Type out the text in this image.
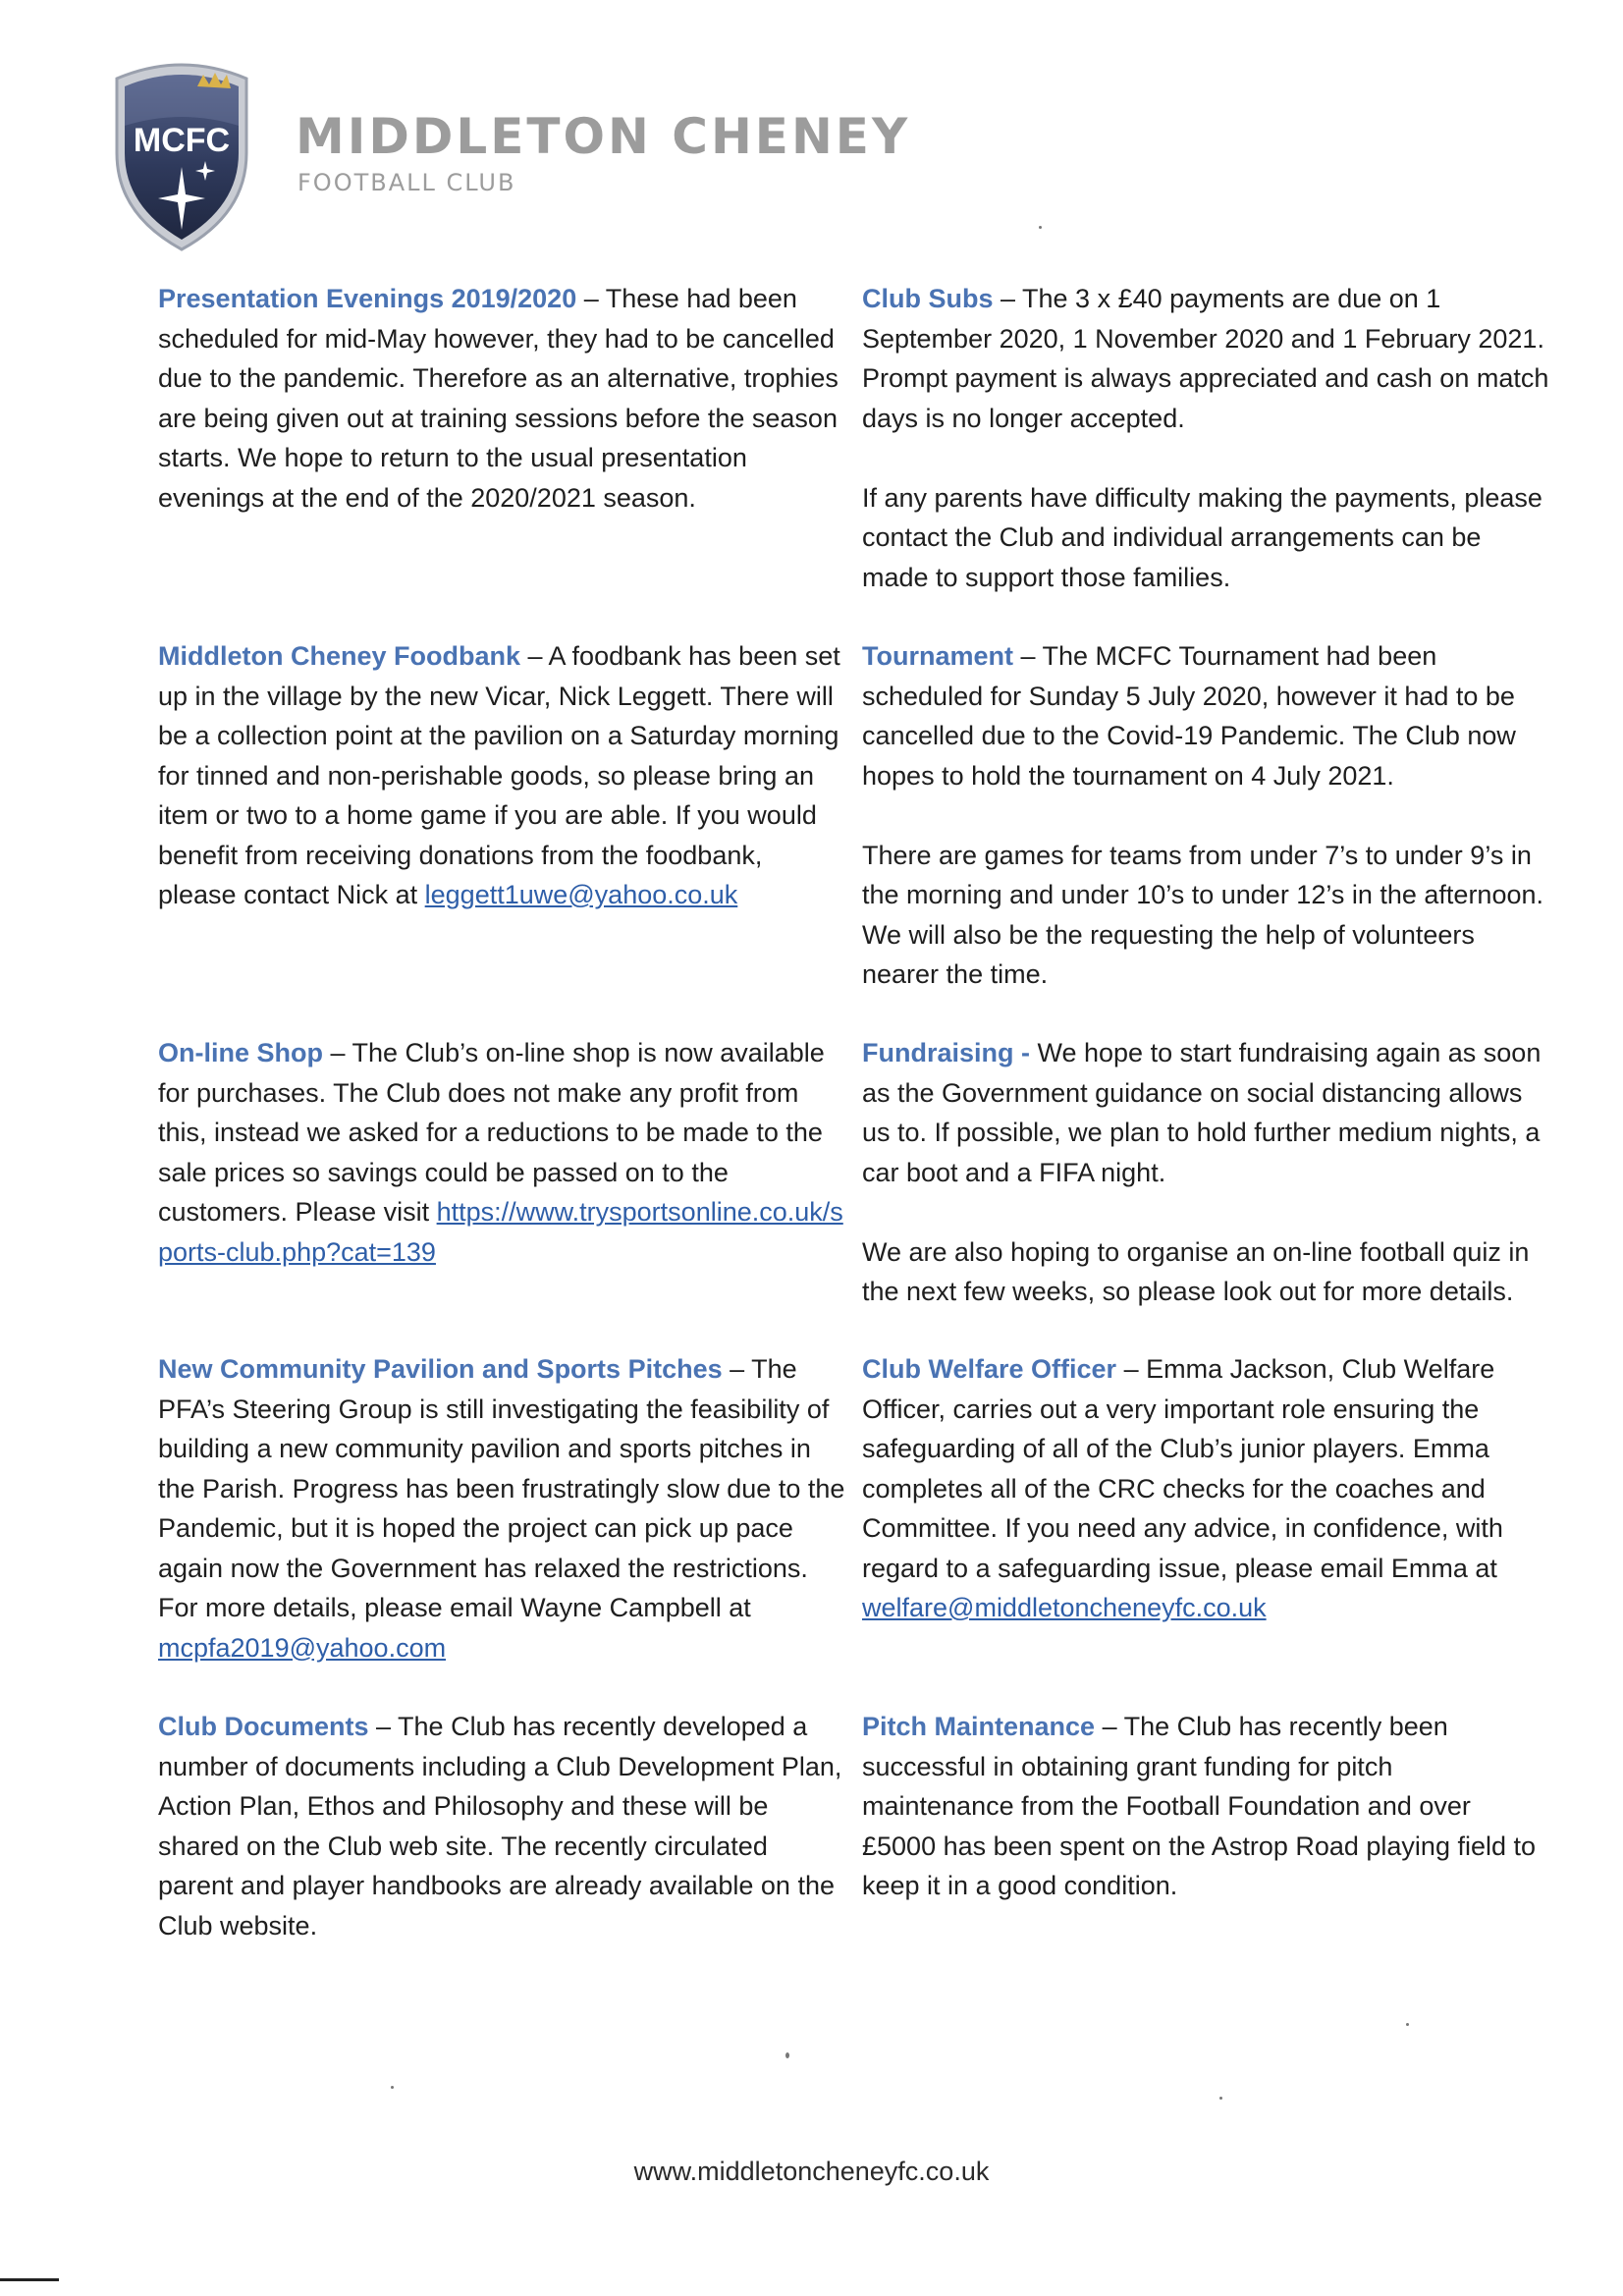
MCFC MIDDLETON CHENEY
FOOTBALL CLUB
Presentation Evenings 2019/2020 – These had been scheduled for mid-May however, they had to be cancelled due to the pandemic. Therefore as an alternative, trophies are being given out at training sessions before the season starts. We hope to return to the usual presentation evenings at the end of the 2020/2021 season.
Middleton Cheney Foodbank – A foodbank has been set up in the village by the new Vicar, Nick Leggett. There will be a collection point at the pavilion on a Saturday morning for tinned and non-perishable goods, so please bring an item or two to a home game if you are able. If you would benefit from receiving donations from the foodbank, please contact Nick at leggett1uwe@yahoo.co.uk
On-line Shop – The Club’s on-line shop is now available for purchases. The Club does not make any profit from this, instead we asked for a reductions to be made to the sale prices so savings could be passed on to the customers. Please visit https://www.trysportsonline.co.uk/sports-club.php?cat=139
New Community Pavilion and Sports Pitches – The PFA’s Steering Group is still investigating the feasibility of building a new community pavilion and sports pitches in the Parish. Progress has been frustratingly slow due to the Pandemic, but it is hoped the project can pick up pace again now the Government has relaxed the restrictions. For more details, please email Wayne Campbell at mcpfa2019@yahoo.com
Club Documents – The Club has recently developed a number of documents including a Club Development Plan, Action Plan, Ethos and Philosophy and these will be shared on the Club web site. The recently circulated parent and player handbooks are already available on the Club website.
Club Subs – The 3 x £40 payments are due on 1 September 2020, 1 November 2020 and 1 February 2021. Prompt payment is always appreciated and cash on match days is no longer accepted.
If any parents have difficulty making the payments, please contact the Club and individual arrangements can be made to support those families.
Tournament – The MCFC Tournament had been scheduled for Sunday 5 July 2020, however it had to be cancelled due to the Covid-19 Pandemic. The Club now hopes to hold the tournament on 4 July 2021.
There are games for teams from under 7’s to under 9’s in the morning and under 10’s to under 12’s in the afternoon. We will also be the requesting the help of volunteers nearer the time.
Fundraising - We hope to start fundraising again as soon as the Government guidance on social distancing allows us to. If possible, we plan to hold further medium nights, a car boot and a FIFA night.
We are also hoping to organise an on-line football quiz in the next few weeks, so please look out for more details.
Club Welfare Officer – Emma Jackson, Club Welfare Officer, carries out a very important role ensuring the safeguarding of all of the Club’s junior players. Emma completes all of the CRC checks for the coaches and Committee. If you need any advice, in confidence, with regard to a safeguarding issue, please email Emma at welfare@middletoncheneyfc.co.uk
Pitch Maintenance – The Club has recently been successful in obtaining grant funding for pitch maintenance from the Football Foundation and over £5000 has been spent on the Astrop Road playing field to keep it in a good condition.
www.middletoncheneyfc.co.uk
